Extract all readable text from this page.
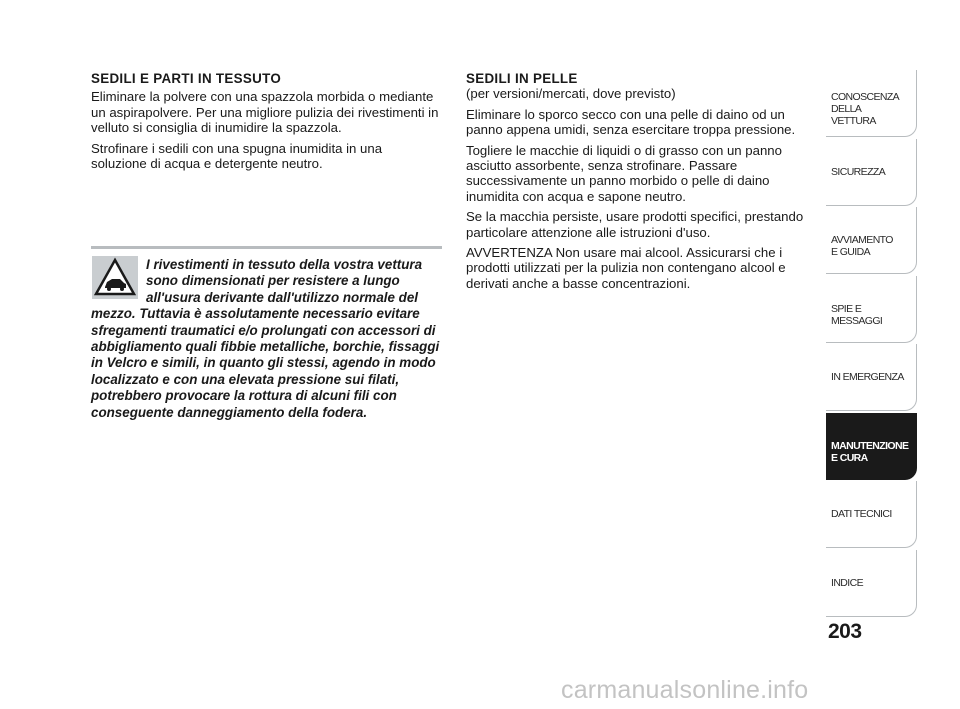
SEDILI E PARTI IN TESSUTO

Eliminare la polvere con una spazzola morbida o mediante un aspirapolvere. Per una migliore pulizia dei rivestimenti in velluto si consiglia di inumidire la spazzola.

Strofinare i sedili con una spugna inumidita in una soluzione di acqua e detergente neutro.

I rivestimenti in tessuto della vostra vettura sono dimensionati per resistere a lungo all'usura derivante dall'utilizzo normale del mezzo. Tuttavia è assolutamente necessario evitare sfregamenti traumatici e/o prolungati con accessori di abbigliamento quali fibbie metalliche, borchie, fissaggi in Velcro e simili, in quanto gli stessi, agendo in modo localizzato e con una elevata pressione sui filati, potrebbero provocare la rottura di alcuni fili con conseguente danneggiamento della fodera.

SEDILI IN PELLE

(per versioni/mercati, dove previsto)

Eliminare lo sporco secco con una pelle di daino od un panno appena umidi, senza esercitare troppa pressione.

Togliere le macchie di liquidi o di grasso con un panno asciutto assorbente, senza strofinare. Passare successivamente un panno morbido o pelle di daino inumidita con acqua e sapone neutro.

Se la macchia persiste, usare prodotti specifici, prestando particolare attenzione alle istruzioni d'uso.

AVVERTENZA Non usare mai alcool. Assicurarsi che i prodotti utilizzati per la pulizia non contengano alcool e derivati anche a basse concentrazioni.

CONOSCENZA
DELLA
VETTURA
SICUREZZA
AVVIAMENTO
E GUIDA
SPIE E
MESSAGGI
IN EMERGENZA
MANUTENZIONE
E CURA
DATI TECNICI
INDICE
203
carmanualsonline.info
